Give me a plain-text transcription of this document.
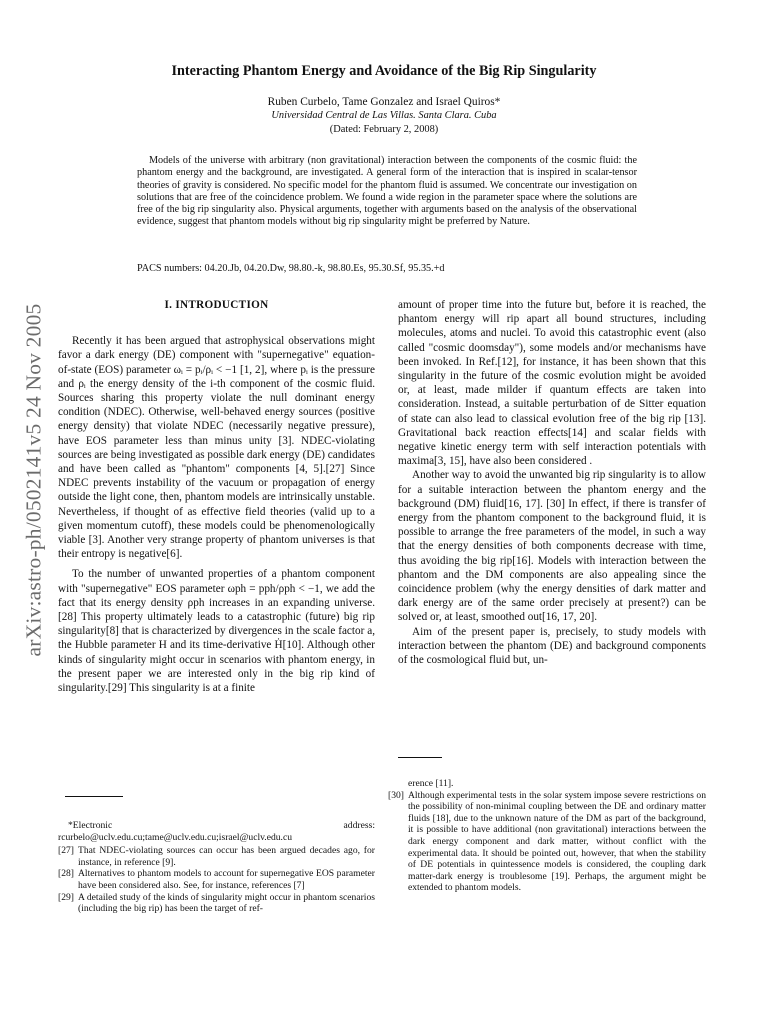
arXiv:astro-ph/0502141v5 24 Nov 2005
Interacting Phantom Energy and Avoidance of the Big Rip Singularity
Ruben Curbelo, Tame Gonzalez and Israel Quiros*
Universidad Central de Las Villas. Santa Clara. Cuba
(Dated: February 2, 2008)
Models of the universe with arbitrary (non gravitational) interaction between the components of the cosmic fluid: the phantom energy and the background, are investigated. A general form of the interaction that is inspired in scalar-tensor theories of gravity is considered. No specific model for the phantom fluid is assumed. We concentrate our investigation on solutions that are free of the coincidence problem. We found a wide region in the parameter space where the solutions are free of the big rip singularity also. Physical arguments, together with arguments based on the analysis of the observational evidence, suggest that phantom models without big rip singularity might be preferred by Nature.
PACS numbers: 04.20.Jb, 04.20.Dw, 98.80.-k, 98.80.Es, 95.30.Sf, 95.35.+d

I. INTRODUCTION

Recently it has been argued that astrophysical observations might favor a dark energy (DE) component with "supernegative" equation-of-state (EOS) parameter ωᵢ = pᵢ/ρᵢ < −1 [1, 2], where pᵢ is the pressure and ρᵢ the energy density of the i-th component of the cosmic fluid. Sources sharing this property violate the null dominant energy condition (NDEC). Otherwise, well-behaved energy sources (positive energy density) that violate NDEC (necessarily negative pressure), have EOS parameter less than minus unity [3]. NDEC-violating sources are being investigated as possible dark energy (DE) candidates and have been called as "phantom" components [4, 5].[27] Since NDEC prevents instability of the vacuum or propagation of energy outside the light cone, then, phantom models are intrinsically unstable. Nevertheless, if thought of as effective field theories (valid up to a given momentum cutoff), these models could be phenomenologically viable [3]. Another very strange property of phantom universes is that their entropy is negative[6].

To the number of unwanted properties of a phantom component with "supernegative" EOS parameter ωph = pph/ρph < −1, we add the fact that its energy density ρph increases in an expanding universe.[28] This property ultimately leads to a catastrophic (future) big rip singularity[8] that is characterized by divergences in the scale factor a, the Hubble parameter H and its time-derivative Ḣ[10]. Although other kinds of singularity might occur in scenarios with phantom energy, in the present paper we are interested only in the big rip kind of singularity.[29] This singularity is at a finite

amount of proper time into the future but, before it is reached, the phantom energy will rip apart all bound structures, including molecules, atoms and nuclei. To avoid this catastrophic event (also called "cosmic doomsday"), some models and/or mechanisms have been invoked. In Ref.[12], for instance, it has been shown that this singularity in the future of the cosmic evolution might be avoided or, at least, made milder if quantum effects are taken into consideration. Instead, a suitable perturbation of de Sitter equation of state can also lead to classical evolution free of the big rip [13]. Gravitational back reaction effects[14] and scalar fields with negative kinetic energy term with self interaction potentials with maxima[3, 15], have also been considered .

Another way to avoid the unwanted big rip singularity is to allow for a suitable interaction between the phantom energy and the background (DM) fluid[16, 17]. [30] In effect, if there is transfer of energy from the phantom component to the background fluid, it is possible to arrange the free parameters of the model, in such a way that the energy densities of both components decrease with time, thus avoiding the big rip[16]. Models with interaction between the phantom and the DM components are also appealing since the coincidence problem (why the energy densities of dark matter and dark energy are of the same order precisely at present?) can be solved or, at least, smoothed out[16, 17, 20].

Aim of the present paper is, precisely, to study models with interaction between the phantom (DE) and background components of the cosmological fluid but, un-

*Electronic address: rcurbelo@uclv.edu.cu;tame@uclv.edu.cu;israel@uclv.edu.cu
[27] That NDEC-violating sources can occur has been argued decades ago, for instance, in reference [9].
[28] Alternatives to phantom models to account for supernegative EOS parameter have been considered also. See, for instance, references [7]
[29] A detailed study of the kinds of singularity might occur in phantom scenarios (including the big rip) has been the target of ref-
erence [11].
[30] Although experimental tests in the solar system impose severe restrictions on the possibility of non-minimal coupling between the DE and ordinary matter fluids [18], due to the unknown nature of the DM as part of the background, it is possible to have additional (non gravitational) interactions between the dark energy component and dark matter, without conflict with the experimental data. It should be pointed out, however, that when the stability of DE potentials in quintessence models is considered, the coupling dark matter-dark energy is troublesome [19]. Perhaps, the argument might be extended to phantom models.
